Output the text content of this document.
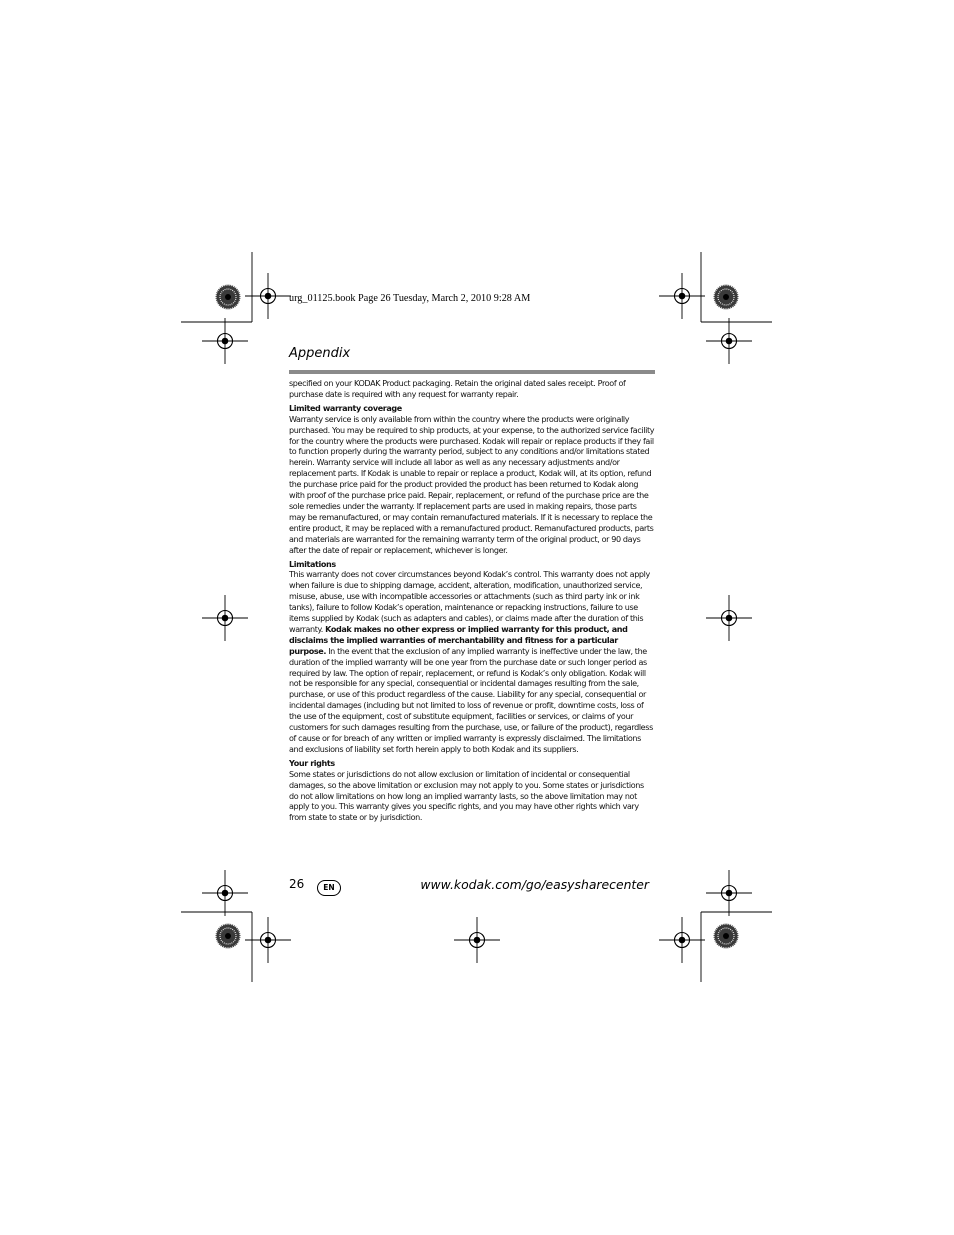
urg_01125.book Page 26 Tuesday, March 2, 2010 9:28 AM
Appendix

specified on your KODAK Product packaging. Retain the original dated sales receipt. Proof of purchase date is required with any request for warranty repair.

Limited warranty coverage

Warranty service is only available from within the country where the products were originally purchased. You may be required to ship products, at your expense, to the authorized service facility for the country where the products were purchased. Kodak will repair or replace products if they fail to function properly during the warranty period, subject to any conditions and/or limitations stated herein. Warranty service will include all labor as well as any necessary adjustments and/or replacement parts. If Kodak is unable to repair or replace a product, Kodak will, at its option, refund the purchase price paid for the product provided the product has been returned to Kodak along with proof of the purchase price paid. Repair, replacement, or refund of the purchase price are the sole remedies under the warranty. If replacement parts are used in making repairs, those parts may be remanufactured, or may contain remanufactured materials. If it is necessary to replace the entire product, it may be replaced with a remanufactured product. Remanufactured products, parts and materials are warranted for the remaining warranty term of the original product, or 90 days after the date of repair or replacement, whichever is longer.

Limitations

This warranty does not cover circumstances beyond Kodak’s control. This warranty does not apply when failure is due to shipping damage, accident, alteration, modification, unauthorized service, misuse, abuse, use with incompatible accessories or attachments (such as third party ink or ink tanks), failure to follow Kodak’s operation, maintenance or repacking instructions, failure to use items supplied by Kodak (such as adapters and cables), or claims made after the duration of this warranty. Kodak makes no other express or implied warranty for this product, and disclaims the implied warranties of merchantability and fitness for a particular purpose. In the event that the exclusion of any implied warranty is ineffective under the law, the duration of the implied warranty will be one year from the purchase date or such longer period as required by law. The option of repair, replacement, or refund is Kodak’s only obligation. Kodak will not be responsible for any special, consequential or incidental damages resulting from the sale, purchase, or use of this product regardless of the cause. Liability for any special, consequential or incidental damages (including but not limited to loss of revenue or profit, downtime costs, loss of the use of the equipment, cost of substitute equipment, facilities or services, or claims of your customers for such damages resulting from the purchase, use, or failure of the product), regardless of cause or for breach of any written or implied warranty is expressly disclaimed. The limitations and exclusions of liability set forth herein apply to both Kodak and its suppliers.

Your rights

Some states or jurisdictions do not allow exclusion or limitation of incidental or consequential damages, so the above limitation or exclusion may not apply to you. Some states or jurisdictions do not allow limitations on how long an implied warranty lasts, so the above limitation may not apply to you. This warranty gives you specific rights, and you may have other rights which vary from state to state or by jurisdiction.

26	EN	www.kodak.com/go/easysharecenter
